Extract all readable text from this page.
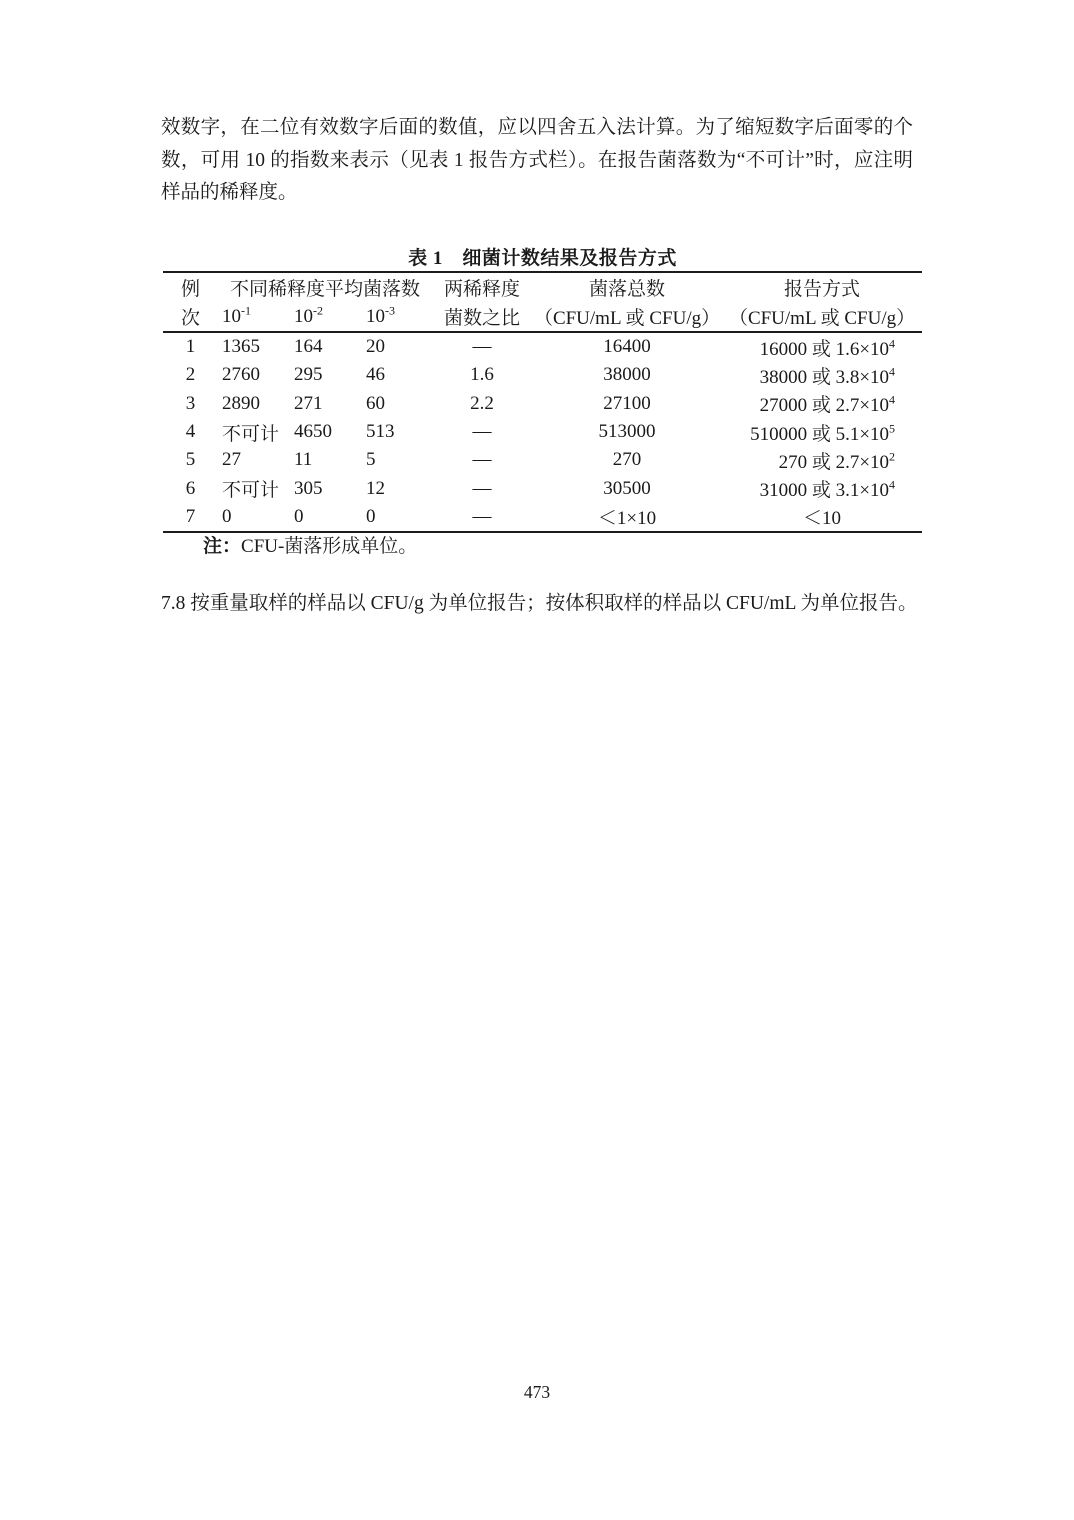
效数字，在二位有效数字后面的数值，应以四舍五入法计算。为了缩短数字后面零的个数，可用 10 的指数来表示（见表 1 报告方式栏）。在报告菌落数为“不可计”时，应注明样品的稀释度。

表 1　细菌计数结果及报告方式
例	不同稀释度平均菌落数			两稀释度	菌落总数	报告方式
次	$10^{-1}$	$10^{-2}$	$10^{-3}$	菌数之比	（CFU/mL 或 CFU/g）	（CFU/mL 或 CFU/g）
1	1365	164	20	—	16400	16000 或 $1.6\times 10^4$
2	2760	295	46	1.6	38000	38000 或 $3.8\times 10^4$
3	2890	271	60	2.2	27100	27000 或 $2.7\times 10^4$
4	不可计	4650	513	—	513000	510000 或 $5.1\times 10^5$
5	27	11	5	—	270	270 或 $2.7\times 10^2$
6	不可计	305	12	—	30500	31000 或 $3.1\times 10^4$
7	0	0	0	—	＜1×10	＜10

注：CFU-菌落形成单位。

7.8 按重量取样的样品以 CFU/g 为单位报告；按体积取样的样品以 CFU/mL 为单位报告。

473
